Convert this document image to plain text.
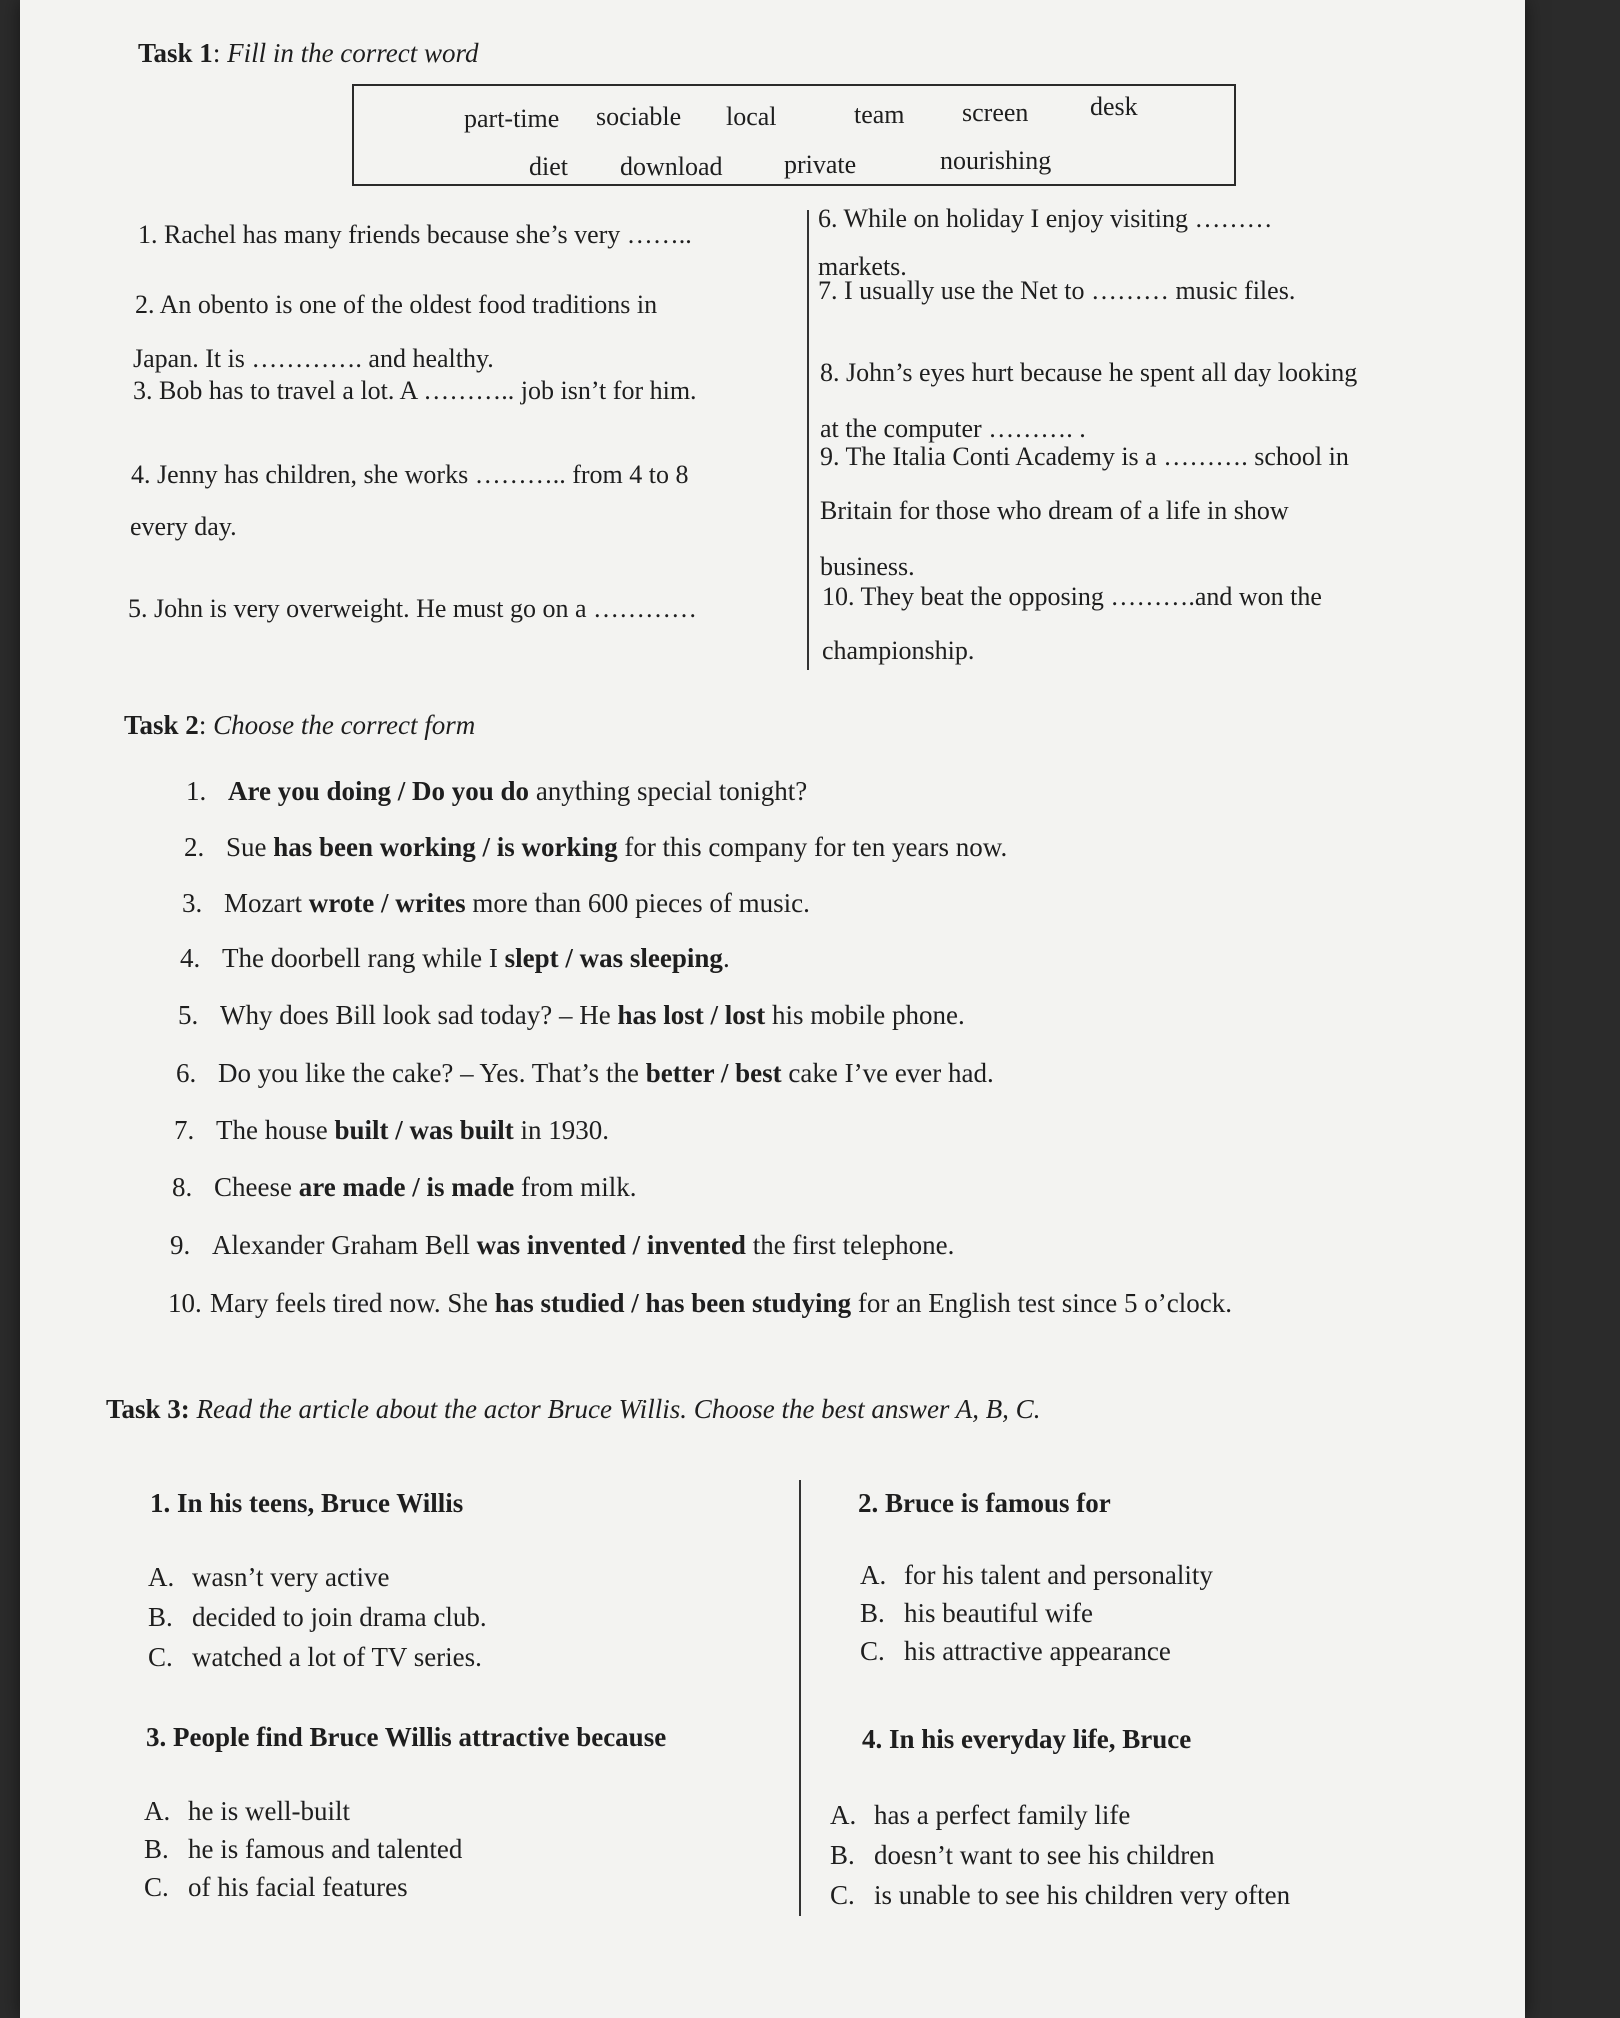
Task 1: Fill in the correct word
part-time sociable local	team screen desk
diet download private	nourishing
1. Rachel has many friends because she’s very ……..
2. An obento is one of the oldest food traditions in
Japan. It is …………. and healthy.
3. Bob has to travel a lot. A ……….. job isn’t for him.
4. Jenny has children, she works ……….. from 4 to 8
every day.
5. John is very overweight. He must go on a …………
6. While on holiday I enjoy visiting ………
markets.
7. I usually use the Net to ……… music files.
8. John’s eyes hurt because he spent all day looking
at the computer ………. .
9. The Italia Conti Academy is a ………. school in
Britain for those who dream of a life in show
business.
10. They beat the opposing ……….and won the
championship.
Task 2: Choose the correct form
1. Are you doing / Do you do anything special tonight?
2. Sue has been working / is working for this company for ten years now.
3. Mozart wrote / writes more than 600 pieces of music.
4. The doorbell rang while I slept / was sleeping.
5. Why does Bill look sad today? – He has lost / lost his mobile phone.
6. Do you like the cake? – Yes. That’s the better / best cake I’ve ever had.
7. The house built / was built in 1930.
8. Cheese are made / is made from milk.
9. Alexander Graham Bell was invented / invented the first telephone.
10. Mary feels tired now. She has studied / has been studying for an English test since 5 o’clock.
Task 3: Read the article about the actor Bruce Willis. Choose the best answer A, B, C.
1. In his teens, Bruce Willis
A. wasn’t very active
B. decided to join drama club.
C. watched a lot of TV series.
2. Bruce is famous for
A. for his talent and personality
B. his beautiful wife
C. his attractive appearance
3. People find Bruce Willis attractive because
A. he is well-built
B. he is famous and talented
C. of his facial features
4. In his everyday life, Bruce
A. has a perfect family life
B. doesn’t want to see his children
C. is unable to see his children very often
